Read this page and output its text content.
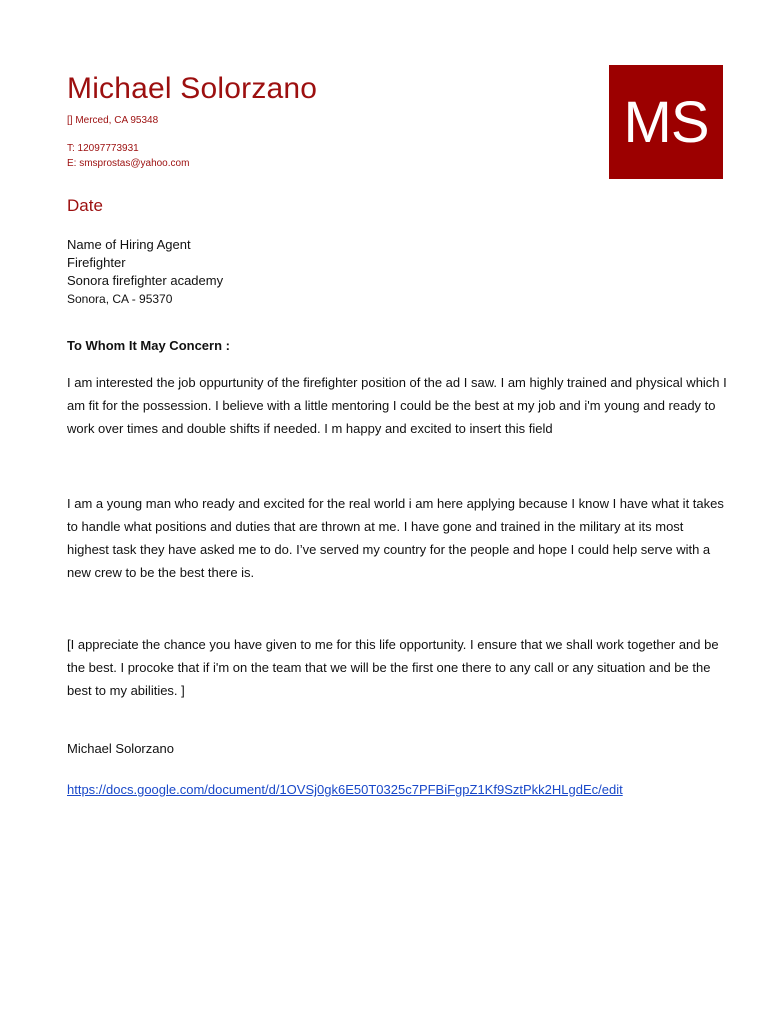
Michael Solorzano
[] Merced, CA 95348
T: 12097773931
E: smsprostas@yahoo.com
MS
Date
Name of Hiring Agent
Firefighter
Sonora firefighter academy
Sonora, CA - 95370
To Whom It May Concern :

I am interested the job oppurtunity of the firefighter position of the ad I saw. I am highly trained and physical which I am fit for the possession. I believe with a little mentoring I could be the best at my job and i'm young and ready to work over times and double shifts if needed. I m happy and excited to insert this field

I am a young man who ready and excited for the real world i am here applying because I know I have what it takes to handle what positions and duties that are thrown at me. I have gone and trained in the military at its most highest task they have asked me to do. I’ve served my country for the people and hope I could help serve with a new crew to be the best there is.

[I appreciate the chance you have given to me for this life opportunity. I ensure that we shall work together and be the best. I procoke that if i'm on the team that we will be the first one there to any call or any situation and be the best to my abilities. ]

Michael Solorzano
https://docs.google.com/document/d/1OVSj0gk6E50T0325c7PFBiFgpZ1Kf9SztPkk2HLgdEc/edit
